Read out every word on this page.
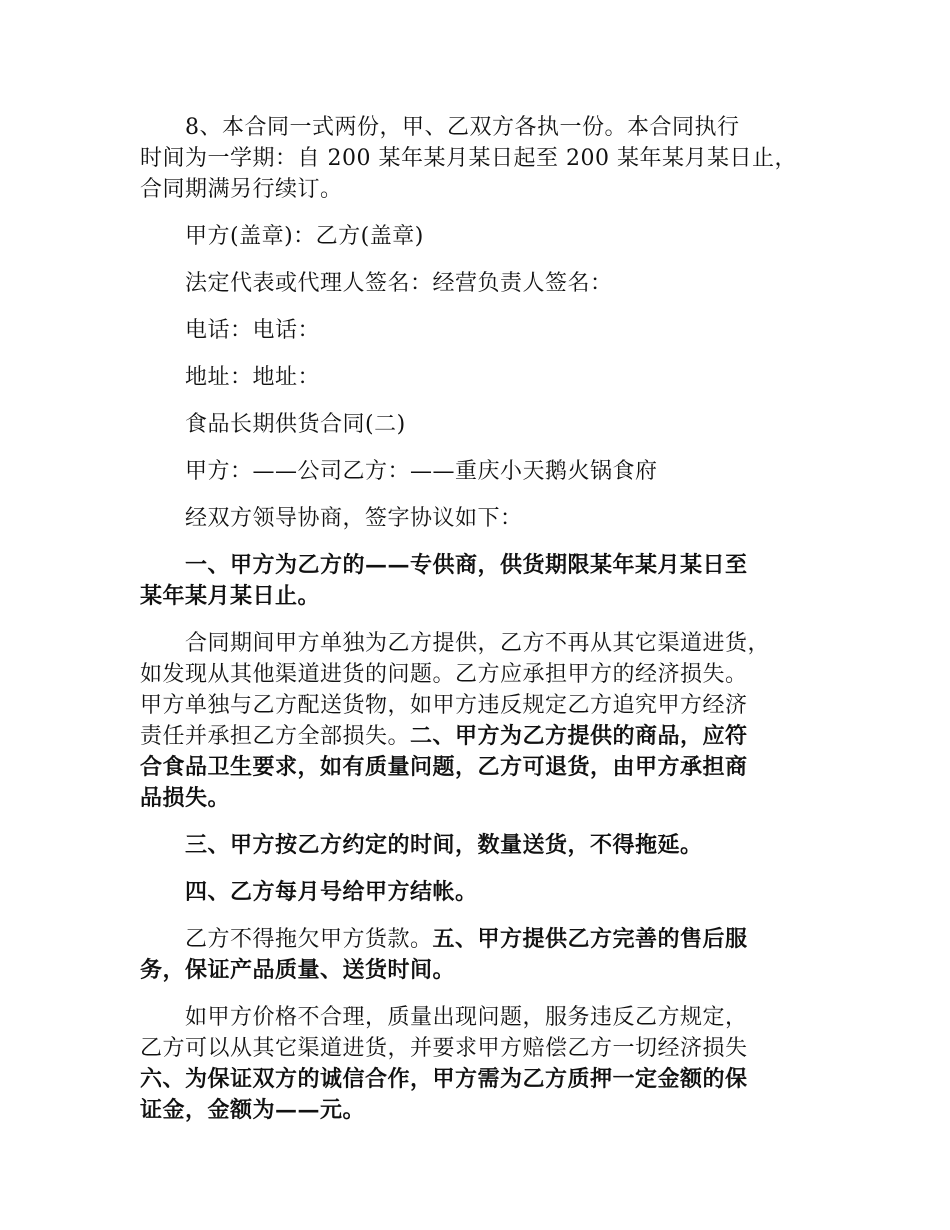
8、本合同一式两份，甲、乙双方各执一份。本合同执行
时间为一学期：自 200 某年某月某日起至 200 某年某月某日止，
合同期满另行续订。

甲方(盖章)：乙方(盖章)

法定代表或代理人签名：经营负责人签名：

电话：电话：

地址：地址：

食品长期供货合同(二)

甲方：——公司乙方：——重庆小天鹅火锅食府

经双方领导协商，签字协议如下：

一、甲方为乙方的——专供商，供货期限某年某月某日至
某年某月某日止。
合同期间甲方单独为乙方提供，乙方不再从其它渠道进货，
如发现从其他渠道进货的问题。乙方应承担甲方的经济损失。
甲方单独与乙方配送货物，如甲方违反规定乙方追究甲方经济
责任并承担乙方全部损失。二、甲方为乙方提供的商品，应符
合食品卫生要求，如有质量问题，乙方可退货，由甲方承担商
品损失。

三、甲方按乙方约定的时间，数量送货，不得拖延。

四、乙方每月号给甲方结帐。

乙方不得拖欠甲方货款。五、甲方提供乙方完善的售后服
务，保证产品质量、送货时间。
如甲方价格不合理，质量出现问题，服务违反乙方规定，
乙方可以从其它渠道进货，并要求甲方赔偿乙方一切经济损失
六、为保证双方的诚信合作，甲方需为乙方质押一定金额的保
证金，金额为——元。
